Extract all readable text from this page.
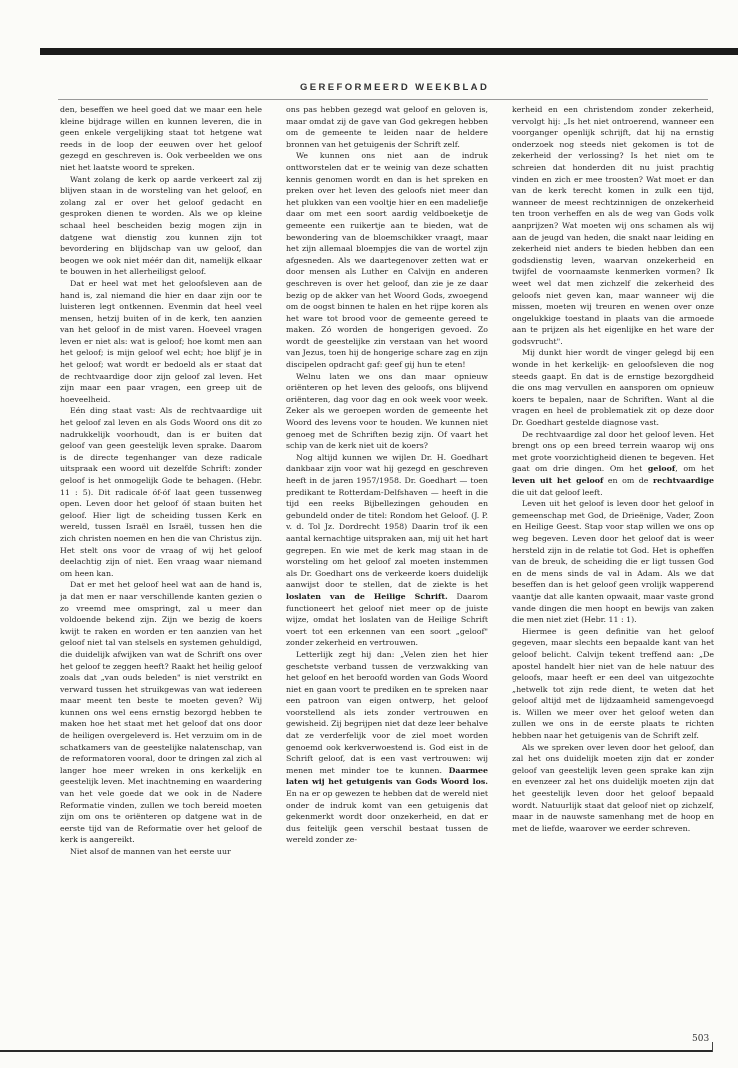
GEREFORMEERD WEEKBLAD

den, beseffen we heel goed dat we maar een hele kleine bijdrage willen en kunnen leveren, die in geen enkele vergelijking staat tot hetgene wat reeds in de loop der eeuwen over het geloof gezegd en geschreven is. Ook verbeelden we ons niet het laatste woord te spreken.

Want zolang de kerk op aarde verkeert zal zij blijven staan in de worsteling van het geloof, en zolang zal er over het geloof gedacht en gesproken dienen te worden. Als we op kleine schaal heel bescheiden bezig mogen zijn in datgene wat dienstig zou kunnen zijn tot bevordering en blijdschap van uw geloof, dan beogen we ook niet méér dan dit, namelijk elkaar te bouwen in het allerheiligst geloof.

Dat er heel wat met het geloofsleven aan de hand is, zal niemand die hier en daar zijn oor te luisteren legt ontkennen. Evenmin dat heel veel mensen, hetzij buiten of in de kerk, ten aanzien van het geloof in de mist varen. Hoeveel vragen leven er niet als: wat is geloof; hoe komt men aan het geloof; is mijn geloof wel echt; hoe blijf je in het geloof; wat wordt er bedoeld als er staat dat de rechtvaardige door zijn geloof zal leven. Het zijn maar een paar vragen, een greep uit de hoeveelheid.

Eén ding staat vast: Als de rechtvaardige uit het geloof zal leven en als Gods Woord ons dit zo nadrukkelijk voorhoudt, dan is er buiten dat geloof van geen geestelijk leven sprake. Daarom is de directe tegenhanger van deze radicale uitspraak een woord uit dezelfde Schrift: zonder geloof is het onmogelijk Gode te behagen. (Hebr. 11 : 5). Dit radicale óf-óf laat geen tussenweg open. Leven door het geloof óf staan buiten het geloof. Hier ligt de scheiding tussen Kerk en wereld, tussen Israël en Israël, tussen hen die zich christen noemen en hen die van Christus zijn. Het stelt ons voor de vraag of wij het geloof deelachtig zijn of niet. Een vraag waar niemand om heen kan.

Dat er met het geloof heel wat aan de hand is, ja dat men er naar verschillende kanten gezien o zo vreemd mee omspringt, zal u meer dan voldoende bekend zijn. Zijn we bezig de koers kwijt te raken en worden er ten aanzien van het geloof niet tal van stelsels en systemen gehuldigd, die duidelijk afwijken van wat de Schrift ons over het geloof te zeggen heeft? Raakt het heilig geloof zoals dat „van ouds beleden" is niet verstrikt en verward tussen het struikgewas van wat iedereen maar meent ten beste te moeten geven? Wij kunnen ons wel eens ernstig bezorgd hebben te maken hoe het staat met het geloof dat ons door de heiligen overgeleverd is. Het verzuim om in de schatkamers van de geestelijke nalatenschap, van de reformatoren vooral, door te dringen zal zich al langer hoe meer wreken in ons kerkelijk en geestelijk leven. Met inachtneming en waardering van het vele goede dat we ook in de Nadere Reformatie vinden, zullen we toch bereid moeten zijn om ons te oriënteren op datgene wat in de eerste tijd van de Reformatie over het geloof de kerk is aangereikt.

Niet alsof de mannen van het eerste uur

ons pas hebben gezegd wat geloof en geloven is, maar omdat zij de gave van God gekregen hebben om de gemeente te leiden naar de heldere bronnen van het getuigenis der Schrift zelf.

We kunnen ons niet aan de indruk onttworstelen dat er te weinig van deze schatten kennis genomen wordt en dan is het spreken en preken over het leven des geloofs niet meer dan het plukken van een vooltje hier en een madeliefje daar om met een soort aardig veldboeketje de gemeente een ruikertje aan te bieden, wat de bewondering van de bloemschikker vraagt, maar het zijn allemaal bloempjes die van de wortel zijn afgesneden. Als we daartegenover zetten wat er door mensen als Luther en Calvijn en anderen geschreven is over het geloof, dan zie je ze daar bezig op de akker van het Woord Gods, zwoegend om de oogst binnen te halen en het rijpe koren als het ware tot brood voor de gemeente gereed te maken. Zó worden de hongerigen gevoed. Zo wordt de geestelijke zin verstaan van het woord van Jezus, toen hij de hongerige schare zag en zijn discipelen opdracht gaf: geef gij hun te eten!

Welnu laten we ons dan maar opnieuw oriënteren op het leven des geloofs, ons blijvend oriënteren, dag voor dag en ook week voor week. Zeker als we geroepen worden de gemeente het Woord des levens voor te houden. We kunnen niet genoeg met de Schriften bezig zijn. Of vaart het schip van de kerk niet uit de koers?

Nog altijd kunnen we wijlen Dr. H. Goedhart dankbaar zijn voor wat hij gezegd en geschreven heeft in de jaren 1957/1958. Dr. Goedhart — toen predikant te Rotterdam-Delfshaven — heeft in die tijd een reeks Bijbellezingen gehouden en gebundeld onder de titel: Rondom het Geloof. (J. P. v. d. Tol Jz. Dordrecht 1958) Daarin trof ik een aantal kernachtige uitspraken aan, mij uit het hart gegrepen. En wie met de kerk mag staan in de worsteling om het geloof zal moeten instemmen als Dr. Goedhart ons de verkeerde koers duidelijk aanwijst door te stellen, dat de ziekte is het loslaten van de Heilige Schrift. Daarom functioneert het geloof niet meer op de juiste wijze, omdat het loslaten van de Heilige Schrift voert tot een erkennen van een soort „geloof" zonder zekerheid en vertrouwen.

Letterlijk zegt hij dan: „Velen zien het hier geschetste verband tussen de verzwakking van het geloof en het beroofd worden van Gods Woord niet en gaan voort te prediken en te spreken naar een patroon van eigen ontwerp, het geloof voorstellend als iets zonder vertrouwen en gewisheid. Zij begrijpen niet dat deze leer behalve dat ze verderfelijk voor de ziel moet worden genoemd ook kerkverwoestend is. God eist in de Schrift geloof, dat is een vast vertrouwen: wij menen met minder toe te kunnen. Daarmee laten wij het getuigenis van Gods Woord los. En na er op gewezen te hebben dat de wereld niet onder de indruk komt van een getuigenis dat gekenmerkt wordt door onzekerheid, en dat er dus feitelijk geen verschil bestaat tussen de wereld zonder ze-

kerheid en een christendom zonder zekerheid, vervolgt hij: „Is het niet ontroerend, wanneer een voorganger openlijk schrijft, dat hij na ernstig onderzoek nog steeds niet gekomen is tot de zekerheid der verlossing? Is het niet om te schreien dat honderden dit nu juist prachtig vinden en zich er mee troosten? Wat moet er dan van de kerk terecht komen in zulk een tijd, wanneer de meest rechtzinnigen de onzekerheid ten troon verheffen en als de weg van Gods volk aanprijzen? Wat moeten wij ons schamen als wij aan de jeugd van heden, die snakt naar leiding en zekerheid niet anders te bieden hebben dan een godsdienstig leven, waarvan onzekerheid en twijfel de voornaamste kenmerken vormen? Ik weet wel dat men zichzelf die zekerheid des geloofs niet geven kan, maar wanneer wij die missen, moeten wij treuren en wenen over onze ongelukkige toestand in plaats van die armoede aan te prijzen als het eigenlijke en het ware der godsvrucht".

Mij dunkt hier wordt de vinger gelegd bij een wonde in het kerkelijk- en geloofsleven die nog steeds gaapt. En dat is de ernstige bezorgdheid die ons mag vervullen en aansporen om opnieuw koers te bepalen, naar de Schriften. Want al die vragen en heel de problematiek zit op deze door Dr. Goedhart gestelde diagnose vast.

De rechtvaardige zal door het geloof leven. Het brengt ons op een breed terrein waarop wij ons met grote voorzichtigheid dienen te begeven. Het gaat om drie dingen. Om het geloof, om het leven uit het geloof en om de rechtvaardige die uit dat geloof leeft.

Leven uit het geloof is leven door het geloof in gemeenschap met God, de Drieënige, Vader, Zoon en Heilige Geest. Stap voor stap willen we ons op weg begeven. Leven door het geloof dat is weer hersteld zijn in de relatie tot God. Het is opheffen van de breuk, de scheiding die er ligt tussen God en de mens sinds de val in Adam. Als we dat beseffen dan is het geloof geen vrolijk wapperend vaantje dat alle kanten opwaait, maar vaste grond vande dingen die men hoopt en bewijs van zaken die men niet ziet (Hebr. 11 : 1).

Hiermee is geen definitie van het geloof gegeven, maar slechts een bepaalde kant van het geloof belicht. Calvijn tekent treffend aan: „De apostel handelt hier niet van de hele natuur des geloofs, maar heeft er een deel van uitgezochte „hetwelk tot zijn rede dient, te weten dat het geloof altijd met de lijdzaamheid samengevoegd is. Willen we meer over het geloof weten dan zullen we ons in de eerste plaats te richten hebben naar het getuigenis van de Schrift zelf.

Als we spreken over leven door het geloof, dan zal het ons duidelijk moeten zijn dat er zonder geloof van geestelijk leven geen sprake kan zijn en evenzeer zal het ons duidelijk moeten zijn dat het geestelijk leven door het geloof bepaald wordt. Natuurlijk staat dat geloof niet op zichzelf, maar in de nauwste samenhang met de hoop en met de liefde, waarover we eerder schreven.

503
